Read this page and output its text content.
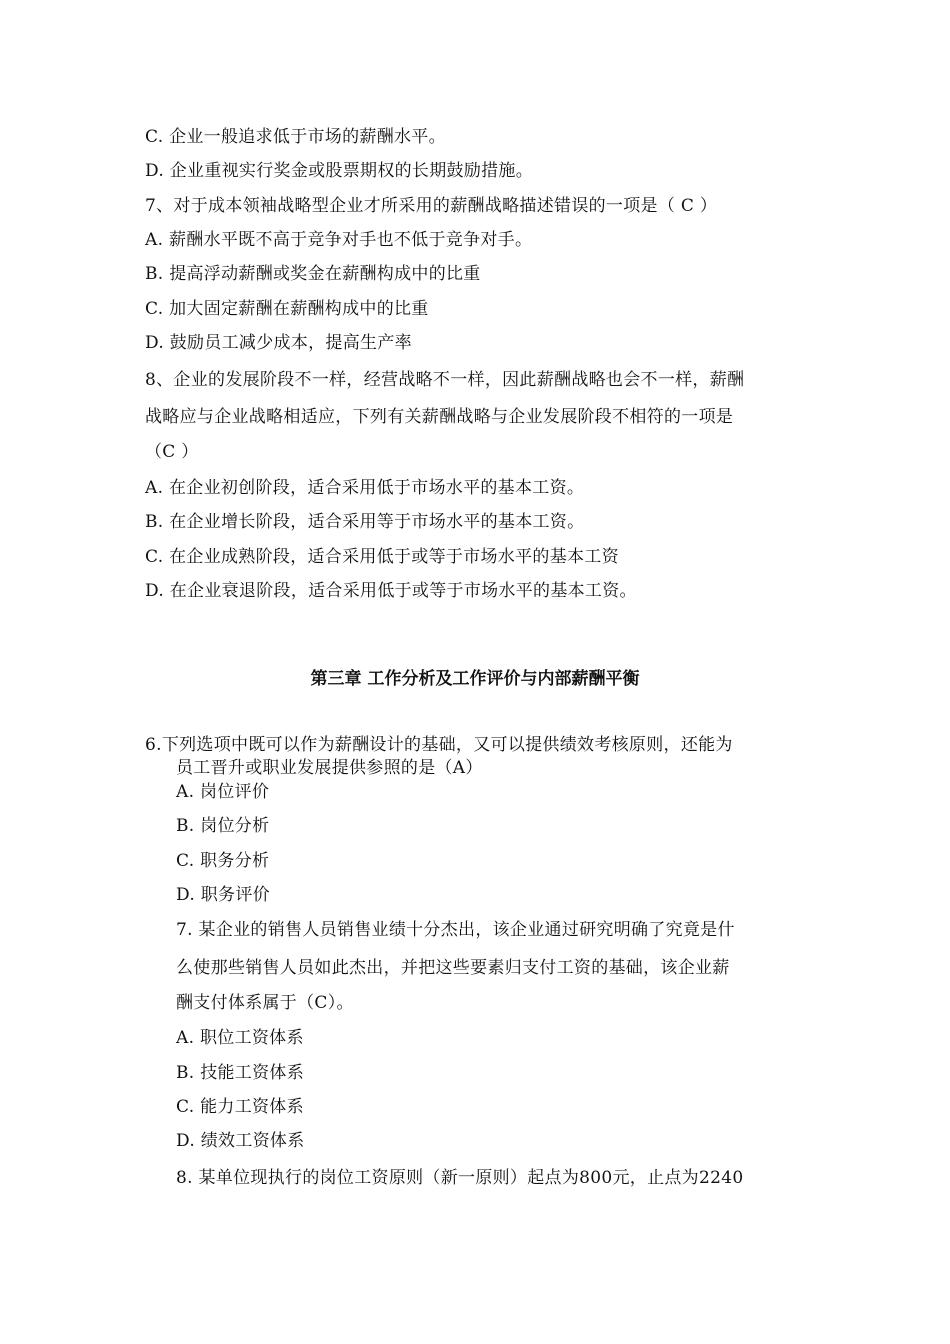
C. 企业一般追求低于市场的薪酬水平。
D. 企业重视实行奖金或股票期权的长期鼓励措施。
7、对于成本领袖战略型企业才所采用的薪酬战略描述错误的一项是（ C ）
A. 薪酬水平既不高于竞争对手也不低于竞争对手。
B. 提高浮动薪酬或奖金在薪酬构成中的比重
C. 加大固定薪酬在薪酬构成中的比重
D. 鼓励员工减少成本，提高生产率
8、企业的发展阶段不一样，经营战略不一样，因此薪酬战略也会不一样，薪酬
战略应与企业战略相适应，下列有关薪酬战略与企业发展阶段不相符的一项是
（C ）
A. 在企业初创阶段，适合采用低于市场水平的基本工资。
B. 在企业增长阶段，适合采用等于市场水平的基本工资。
C. 在企业成熟阶段，适合采用低于或等于市场水平的基本工资
D. 在企业衰退阶段，适合采用低于或等于市场水平的基本工资。
第三章 工作分析及工作评价与内部薪酬平衡
6.下列选项中既可以作为薪酬设计的基础，又可以提供绩效考核原则，还能为
员工晋升或职业发展提供参照的是（A）
A. 岗位评价
B. 岗位分析
C. 职务分析
D. 职务评价
7. 某企业的销售人员销售业绩十分杰出，该企业通过研究明确了究竟是什
么使那些销售人员如此杰出，并把这些要素归支付工资的基础，该企业薪
酬支付体系属于（C）。
A. 职位工资体系
B. 技能工资体系
C. 能力工资体系
D. 绩效工资体系
8. 某单位现执行的岗位工资原则（新一原则）起点为800元，止点为2240
